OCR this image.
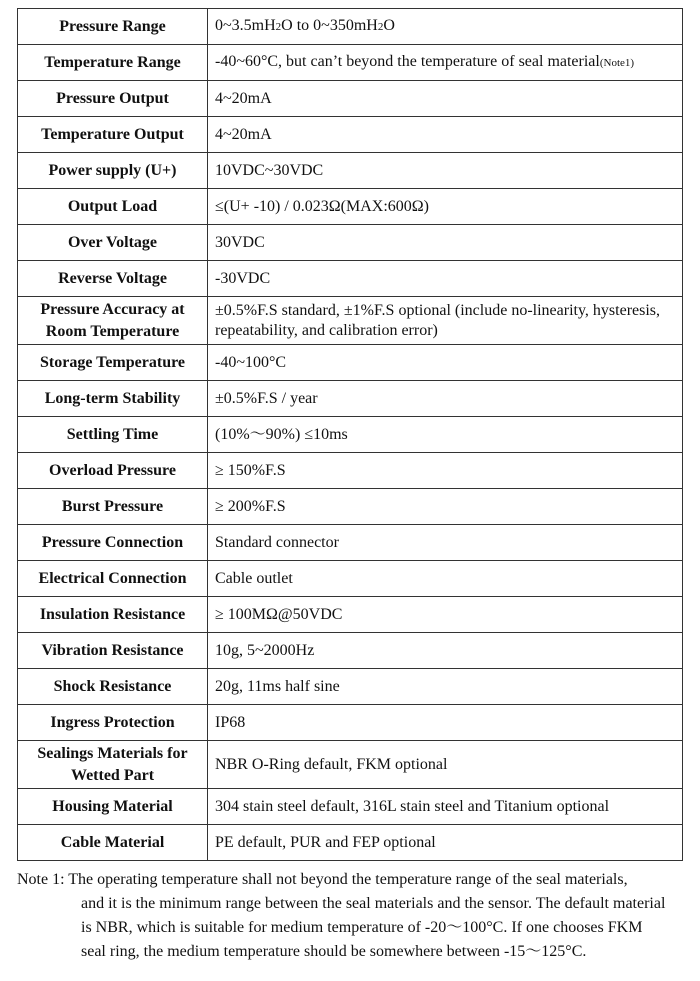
Pressure Range	0~3.5mH2O to 0~350mH2O
Temperature Range	-40~60°C, but can’t beyond the temperature of seal material(Note1)
Pressure Output	4~20mA
Temperature Output	4~20mA
Power supply (U+)	10VDC~30VDC
Output Load	≤(U+ -10) / 0.023Ω(MAX:600Ω)
Over Voltage	30VDC
Reverse Voltage	-30VDC
Pressure Accuracy at Room Temperature	±0.5%F.S standard, ±1%F.S optional (include no-linearity, hysteresis, repeatability, and calibration error)
Storage Temperature	-40~100°C
Long-term Stability	±0.5%F.S / year
Settling Time	(10%～90%) ≤10ms
Overload Pressure	≥ 150%F.S
Burst Pressure	≥ 200%F.S
Pressure Connection	Standard connector
Electrical Connection	Cable outlet
Insulation Resistance	≥ 100MΩ@50VDC
Vibration Resistance	10g, 5~2000Hz
Shock Resistance	20g, 11ms half sine
Ingress Protection	IP68
Sealings Materials for Wetted Part	NBR O-Ring default, FKM optional
Housing Material	304 stain steel default, 316L stain steel and Titanium optional
Cable Material	PE default, PUR and FEP optional

Note 1: The operating temperature shall not beyond the temperature range of the seal materials,

and it is the minimum range between the seal materials and the sensor. The default material

is NBR, which is suitable for medium temperature of -20～100°C. If one chooses FKM

seal ring, the medium temperature should be somewhere between -15～125°C.
